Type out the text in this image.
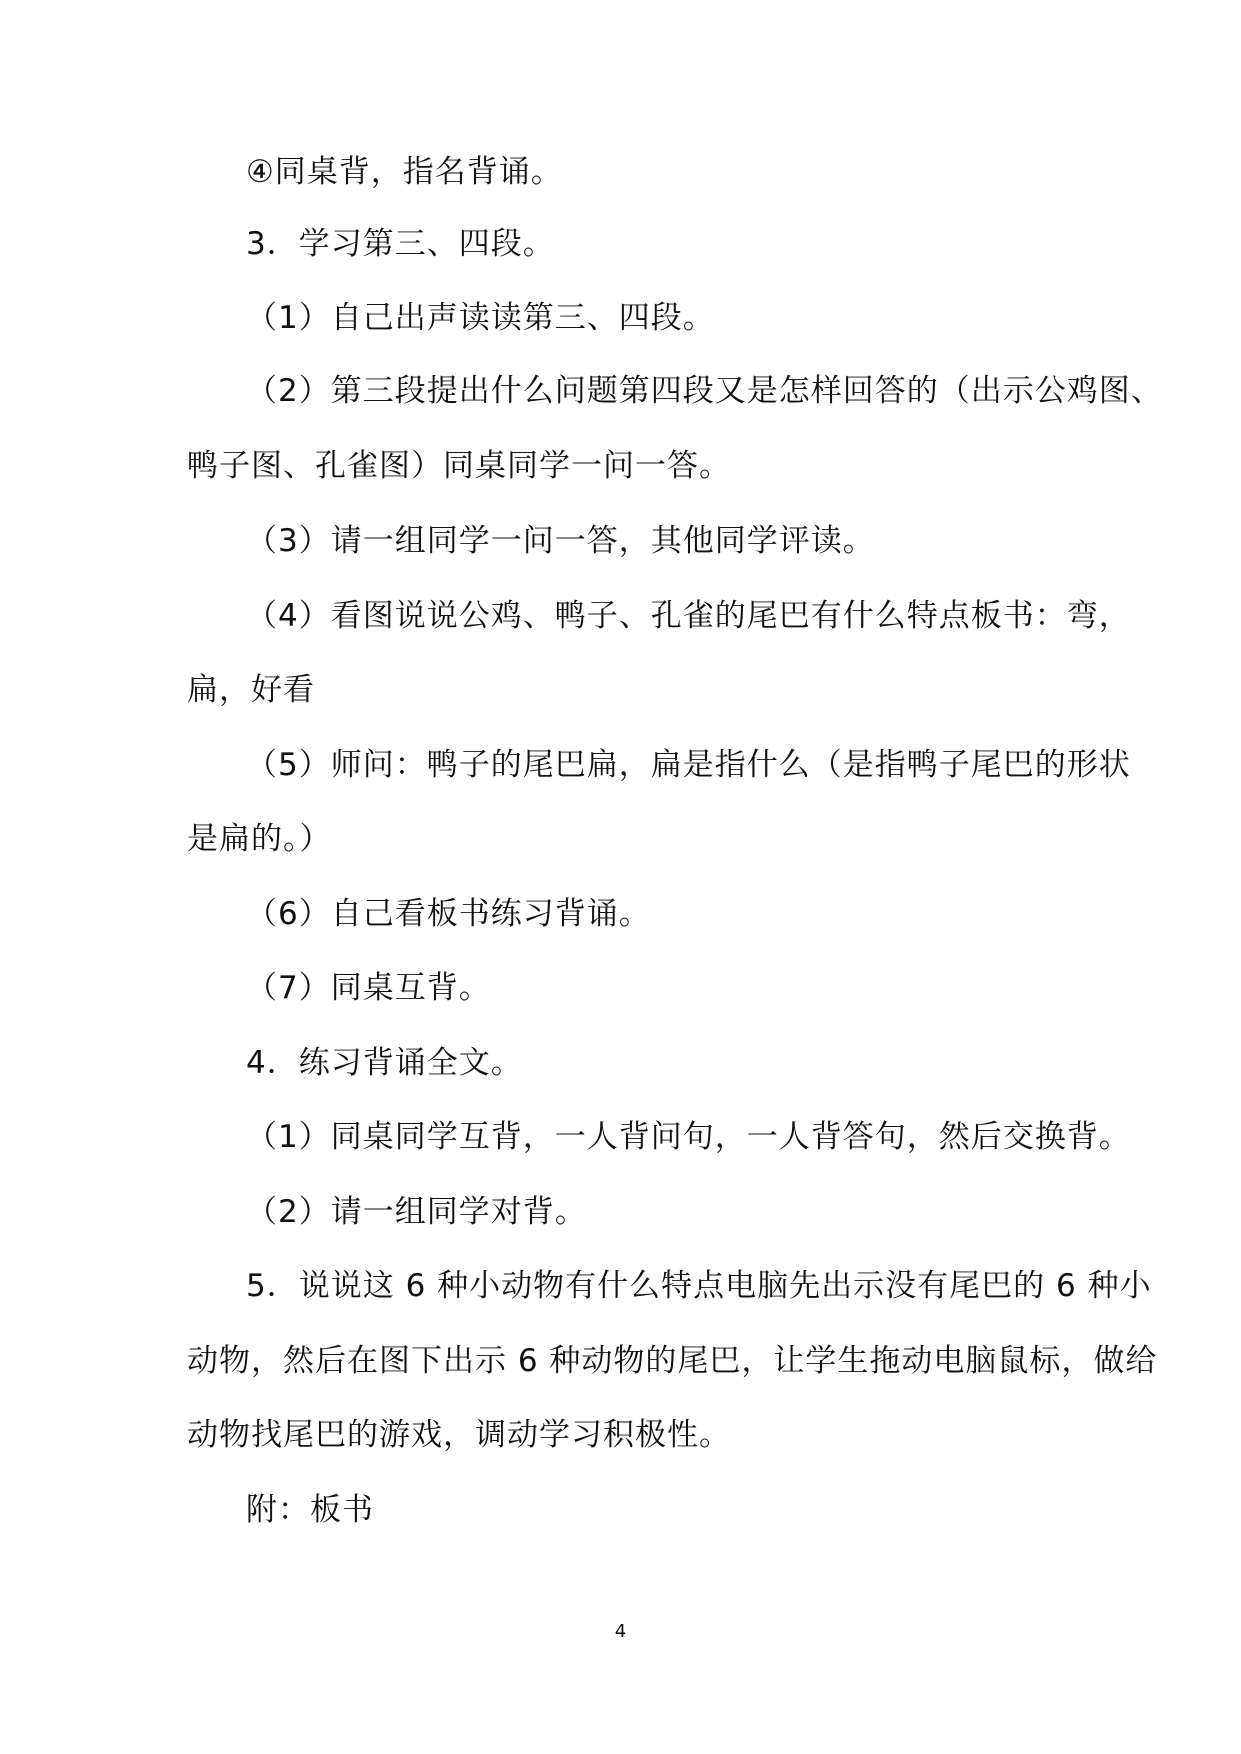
④同桌背，指名背诵。
3．学习第三、四段。
（1）自己出声读读第三、四段。
（2）第三段提出什么问题第四段又是怎样回答的（出示公鸡图、
鸭子图、孔雀图）同桌同学一问一答。
（3）请一组同学一问一答，其他同学评读。
（4）看图说说公鸡、鸭子、孔雀的尾巴有什么特点板书：弯，
扁，好看
（5）师问：鸭子的尾巴扁，扁是指什么（是指鸭子尾巴的形状
是扁的。）
（6）自己看板书练习背诵。
（7）同桌互背。
4．练习背诵全文。
（1）同桌同学互背，一人背问句，一人背答句，然后交换背。
（2）请一组同学对背。
5．说说这 6 种小动物有什么特点电脑先出示没有尾巴的 6 种小
动物，然后在图下出示 6 种动物的尾巴，让学生拖动电脑鼠标，做给
动物找尾巴的游戏，调动学习积极性。
附：板书
4
